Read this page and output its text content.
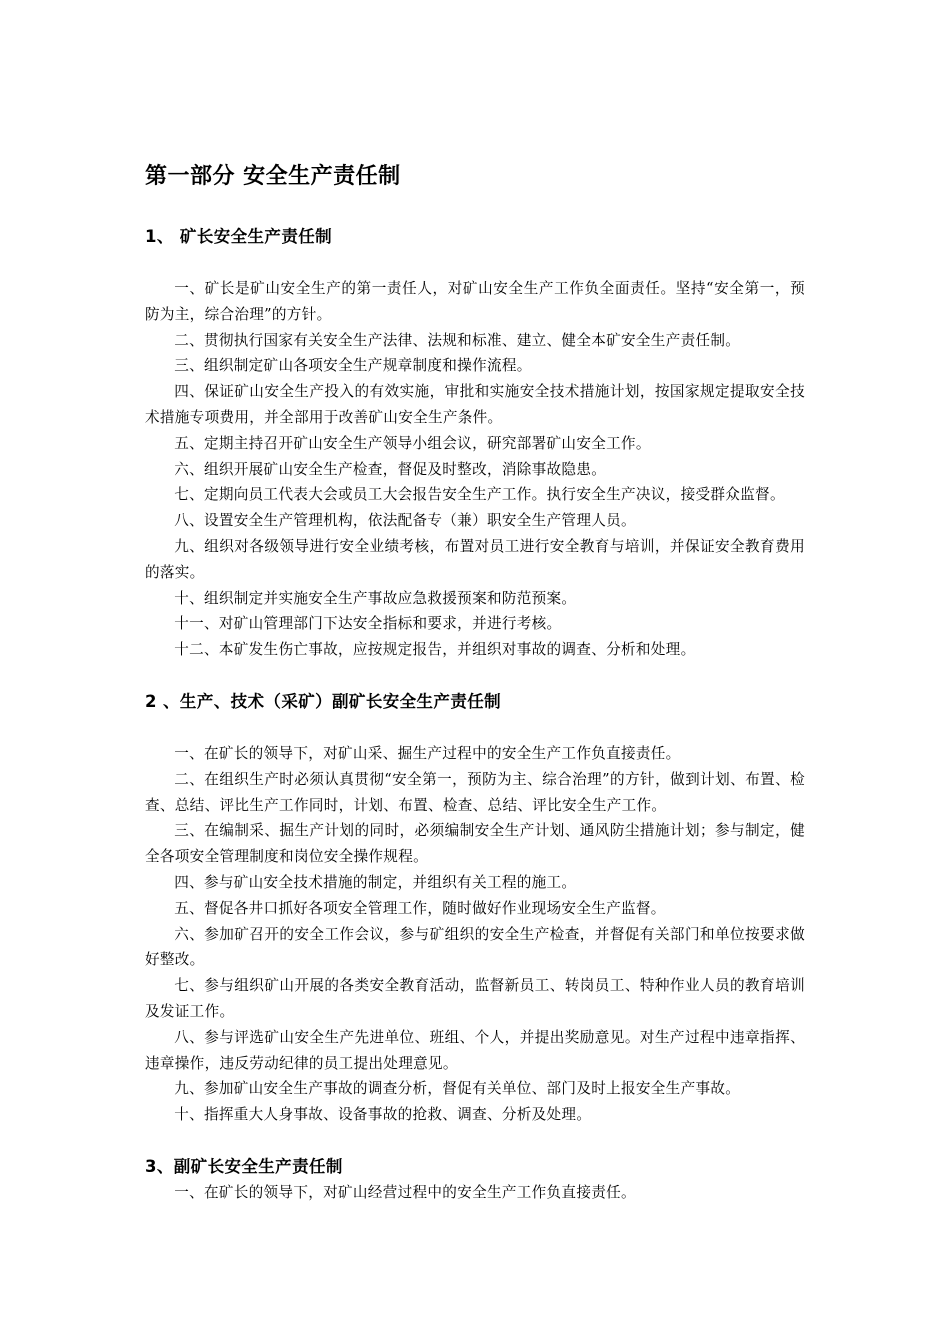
第一部分 安全生产责任制
1、 矿长安全生产责任制

一、矿长是矿山安全生产的第一责任人，对矿山安全生产工作负全面责任。坚持“安全第一，预防为主，综合治理”的方针。

二、贯彻执行国家有关安全生产法律、法规和标准、建立、健全本矿安全生产责任制。

三、组织制定矿山各项安全生产规章制度和操作流程。

四、保证矿山安全生产投入的有效实施，审批和实施安全技术措施计划，按国家规定提取安全技术措施专项费用，并全部用于改善矿山安全生产条件。

五、定期主持召开矿山安全生产领导小组会议，研究部署矿山安全工作。

六、组织开展矿山安全生产检查，督促及时整改，消除事故隐患。

七、定期向员工代表大会或员工大会报告安全生产工作。执行安全生产决议，接受群众监督。

八、设置安全生产管理机构，依法配备专（兼）职安全生产管理人员。

九、组织对各级领导进行安全业绩考核，布置对员工进行安全教育与培训，并保证安全教育费用的落实。

十、组织制定并实施安全生产事故应急救援预案和防范预案。

十一、对矿山管理部门下达安全指标和要求，并进行考核。

十二、本矿发生伤亡事故，应按规定报告，并组织对事故的调查、分析和处理。

2 、生产、技术（采矿）副矿长安全生产责任制

一、在矿长的领导下，对矿山采、掘生产过程中的安全生产工作负直接责任。

二、在组织生产时必须认真贯彻“安全第一，预防为主、综合治理”的方针，做到计划、布置、检查、总结、评比生产工作同时，计划、布置、检查、总结、评比安全生产工作。

三、在编制采、掘生产计划的同时，必须编制安全生产计划、通风防尘措施计划；参与制定，健全各项安全管理制度和岗位安全操作规程。

四、参与矿山安全技术措施的制定，并组织有关工程的施工。

五、督促各井口抓好各项安全管理工作，随时做好作业现场安全生产监督。

六、参加矿召开的安全工作会议，参与矿组织的安全生产检查，并督促有关部门和单位按要求做好整改。

七、参与组织矿山开展的各类安全教育活动，监督新员工、转岗员工、特种作业人员的教育培训及发证工作。

八、参与评选矿山安全生产先进单位、班组、个人，并提出奖励意见。对生产过程中违章指挥、违章操作，违反劳动纪律的员工提出处理意见。

九、参加矿山安全生产事故的调查分析，督促有关单位、部门及时上报安全生产事故。

十、指挥重大人身事故、设备事故的抢救、调查、分析及处理。

3、副矿长安全生产责任制

一、在矿长的领导下，对矿山经营过程中的安全生产工作负直接责任。
